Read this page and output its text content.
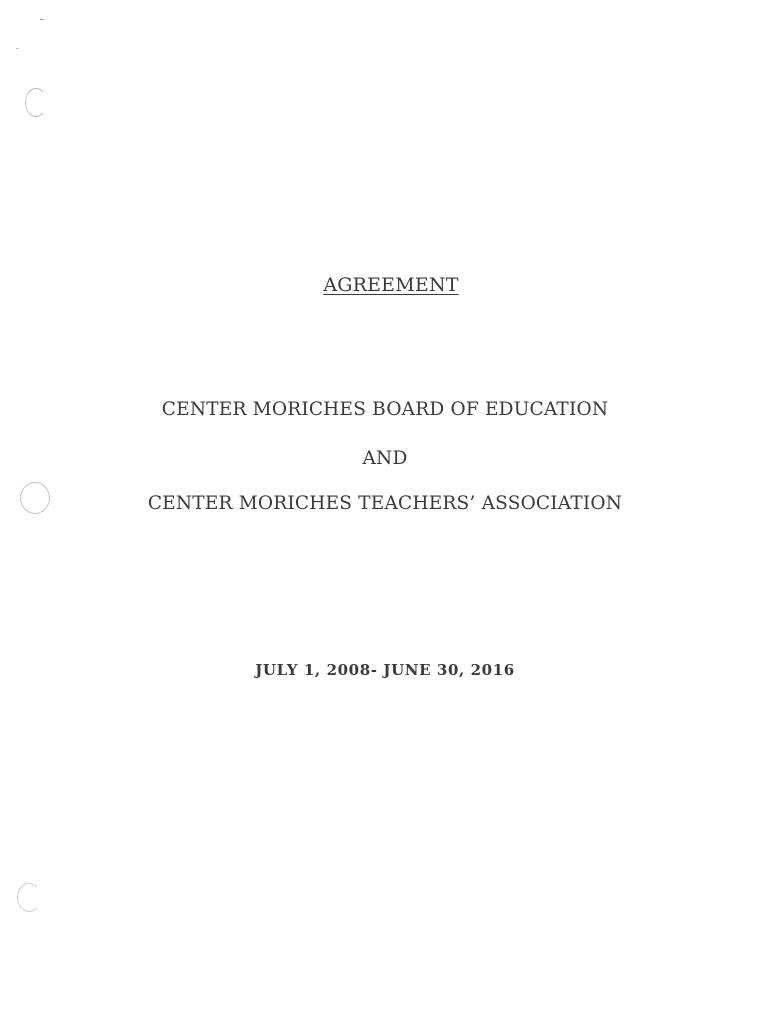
AGREEMENT
CENTER MORICHES BOARD OF EDUCATION
AND
CENTER MORICHES TEACHERS’ ASSOCIATION
JULY 1, 2008- JUNE 30, 2016
